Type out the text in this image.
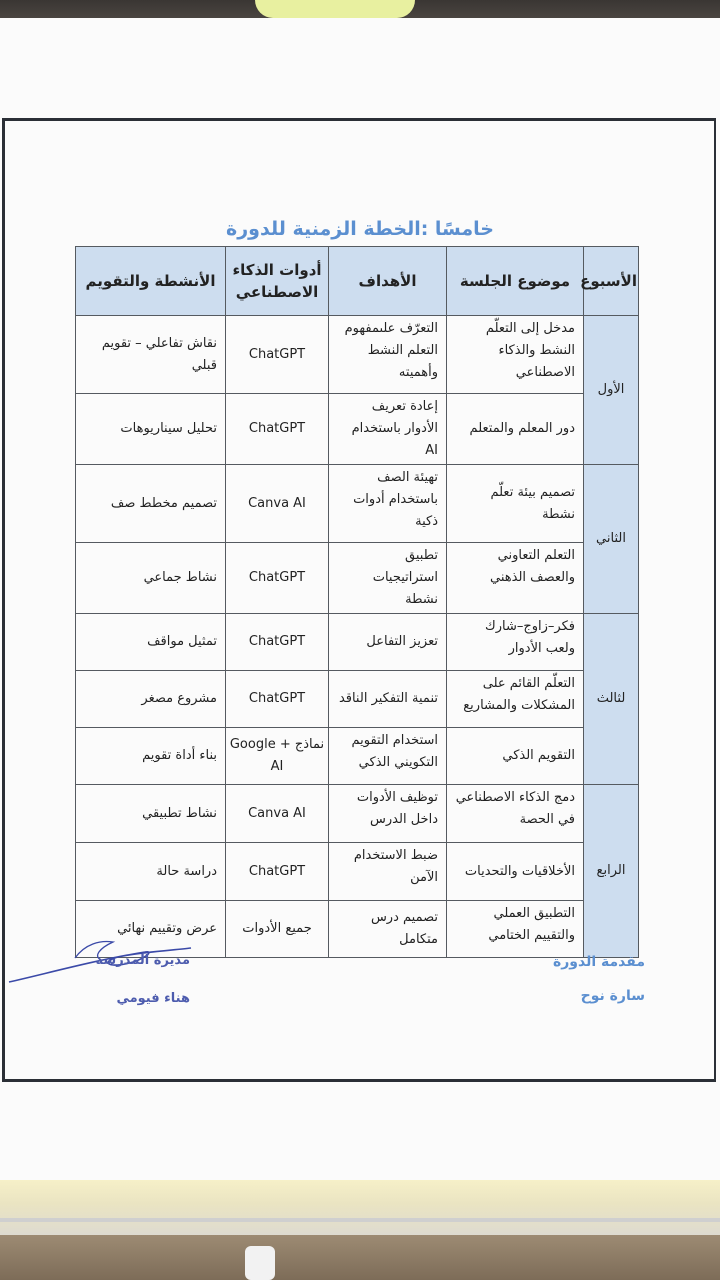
خامسًا :الخطة الزمنية للدورة
الأسبوع	موضوع الجلسة	الأهداف	أدوات الذكاء الاصطناعي	الأنشطة والتقويم
الأول	مدخل إلى التعلّم النشط والذكاء الاصطناعي	التعرّف علىمفهوم التعلم النشط وأهميته	ChatGPT	نقاش تفاعلي – تقويم قبلي
	دور المعلم والمتعلم	إعادة تعريف الأدوار باستخدام AI	ChatGPT	تحليل سيناريوهات
الثاني	تصميم بيئة تعلّم نشطة	تهيئة الصف باستخدام أدوات ذكية	Canva AI	تصميم مخطط صف
	التعلم التعاوني والعصف الذهني	تطبيق استراتيجيات نشطة	ChatGPT	نشاط جماعي
لثالث	فكر–زاوج–شارك ولعب الأدوار	تعزيز التفاعل	ChatGPT	تمثيل مواقف
	التعلّم القائم على المشكلات والمشاريع	تنمية التفكير الناقد	ChatGPT	مشروع مصغر
	التقويم الذكي	استخدام التقويم التكويني الذكي	نماذج Google + AI	بناء أداة تقويم
الرابع	دمج الذكاء الاصطناعي في الحصة	توظيف الأدوات داخل الدرس	Canva AI	نشاط تطبيقي
	الأخلاقيات والتحديات	ضبط الاستخدام الآمن	ChatGPT	دراسة حالة
	التطبيق العملي والتقييم الختامي	تصميم درس متكامل	جميع الأدوات	عرض وتقييم نهائي
مقدمة الدورة
سارة نوح
مديرة المدرسة
هناء فيومي
